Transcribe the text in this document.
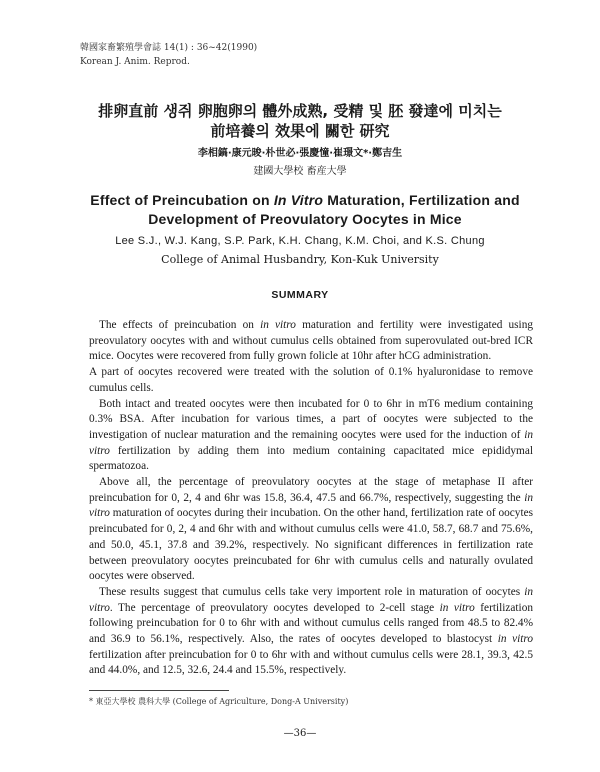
韓國家畜繁殖學會誌 14(1) : 36~42(1990)
Korean J. Anim. Reprod.
排卵直前 생쥐 卵胞卵의 體外成熟, 受精 및 胚 發達에 미치는
前培養의 效果에 關한 研究
李相鎬·康元晙·朴世必·張慶憧·崔璟文*·鄭吉生
建國大學校 畜産大學
Effect of Preincubation on In Vitro Maturation, Fertilization and
Development of Preovulatory Oocytes in Mice
Lee S.J., W.J. Kang, S.P. Park, K.H. Chang, K.M. Choi, and K.S. Chung
College of Animal Husbandry, Kon-Kuk University
SUMMARY

The effects of preincubation on in vitro maturation and fertility were investigated using preovulatory oocytes with and without cumulus cells obtained from superovulated out-bred ICR mice. Oocytes were recovered from fully grown folicle at 10hr after hCG administration.

A part of oocytes recovered were treated with the solution of 0.1% hyaluronidase to remove cumulus cells.

Both intact and treated oocytes were then incubated for 0 to 6hr in mT6 medium containing 0.3% BSA. After incubation for various times, a part of oocytes were subjected to the investigation of nuclear maturation and the remaining oocytes were used for the induction of in vitro fertilization by adding them into medium containing capacitated mice epididymal spermatozoa.

Above all, the percentage of preovulatory oocytes at the stage of metaphase II after preincubation for 0, 2, 4 and 6hr was 15.8, 36.4, 47.5 and 66.7%, respectively, suggesting the in vitro maturation of oocytes during their incubation. On the other hand, fertilization rate of oocytes preincubated for 0, 2, 4 and 6hr with and without cumulus cells were 41.0, 58.7, 68.7 and 75.6%, and 50.0, 45.1, 37.8 and 39.2%, respectively. No significant differences in fertilization rate between preovulatory oocytes preincubated for 6hr with cumulus cells and naturally ovulated oocytes were observed.

These results suggest that cumulus cells take very importent role in maturation of oocytes in vitro. The percentage of preovulatory oocytes developed to 2-cell stage in vitro fertilization following preincubation for 0 to 6hr with and without cumulus cells ranged from 48.5 to 82.4% and 36.9 to 56.1%, respectively. Also, the rates of oocytes developed to blastocyst in vitro fertilization after preincubation for 0 to 6hr with and without cumulus cells were 28.1, 39.3, 42.5 and 44.0%, and 12.5, 32.6, 24.4 and 15.5%, respectively.

* 東亞大學校 農科大學 (College of Agriculture, Dong-A University)
—36—
